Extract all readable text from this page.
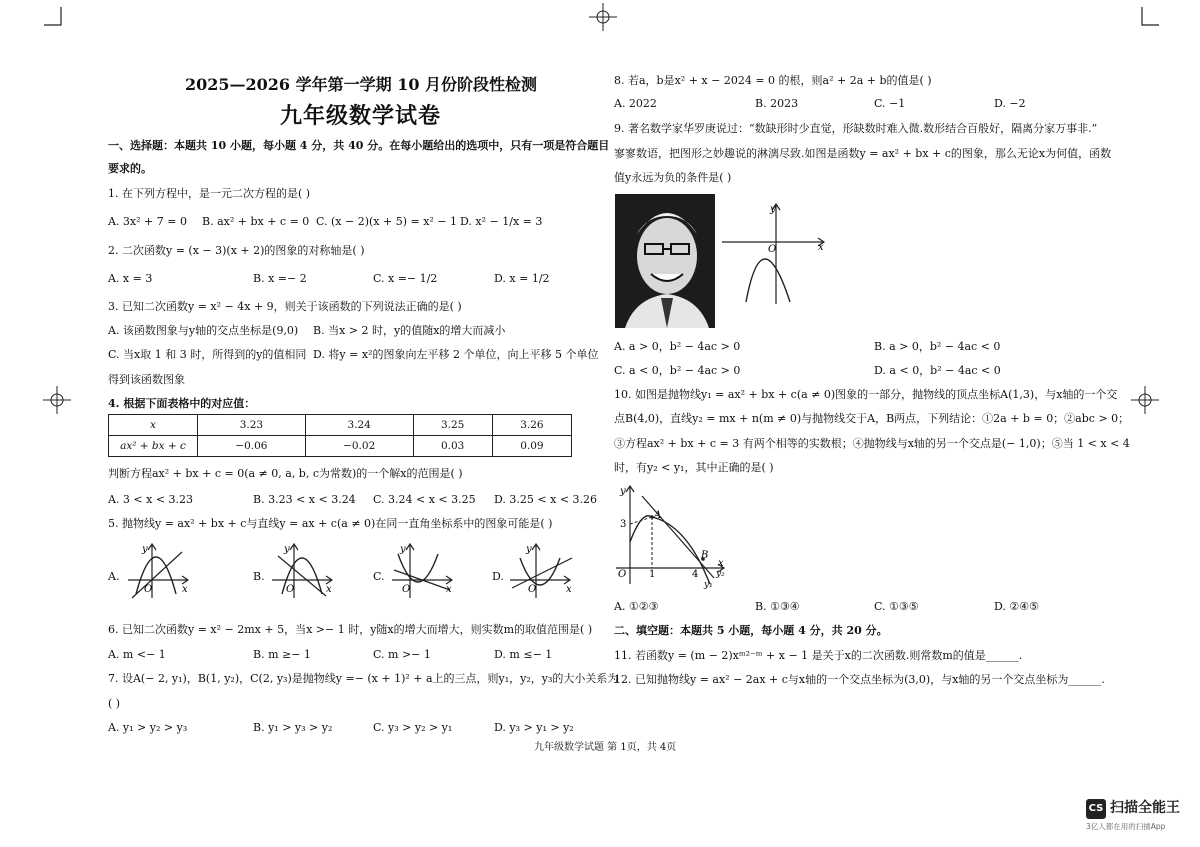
2025—2026 学年第一学期 10 月份阶段性检测
九年级数学试卷
一、选择题：本题共 10 小题，每小题 4 分，共 40 分。在每小题给出的选项中，只有一项是符合题目
要求的。
1. 在下列方程中，是一元二次方程的是( )
A. 3x² + 7 = 0 B. ax² + bx + c = 0 C. (x − 2)(x + 5) = x² − 1 D. x² − 1/x = 3
2. 二次函数y = (x − 3)(x + 2)的图象的对称轴是( )
A. x = 3	B. x =− 2	C. x =− 1/2	D. x = 1/2
3. 已知二次函数y = x² − 4x + 9，则关于该函数的下列说法正确的是( )
A. 该函数图象与y轴的交点坐标是(9,0) B. 当x > 2 时，y的值随x的增大而减小
C. 当x取 1 和 3 时，所得到的y的值相同 D. 将y = x²的图象向左平移 2 个单位，向上平移 5 个单位
得到该函数图象
4. 根据下面表格中的对应值：
x	3.23	3.24	3.25	3.26
ax² + bx + c	−0.06	−0.02	0.03	0.09
判断方程ax² + bx + c = 0(a ≠ 0, a, b, c为常数)的一个解x的范围是( )
A. 3 < x < 3.23	B. 3.23 < x < 3.24 C. 3.24 < x < 3.25 D. 3.25 < x < 3.26
5. 抛物线y = ax² + bx + c与直线y = ax + c(a ≠ 0)在同一直角坐标系中的图象可能是( )
A.	B.	C.	D.
y
O	x
y
O	x
y
O	x
y
O	x
6. 已知二次函数y = x² − 2mx + 5，当x >− 1 时，y随x的增大而增大，则实数m的取值范围是( )
A. m <− 1	B. m ≥− 1	C. m >− 1	D. m ≤− 1
7. 设A(− 2, y₁)，B(1, y₂)，C(2, y₃)是抛物线y =− (x + 1)² + a上的三点，则y₁，y₂，y₃的大小关系为
( )
A. y₁ > y₂ > y₃	B. y₁ > y₃ > y₂	C. y₃ > y₂ > y₁	D. y₃ > y₁ > y₂
8. 若a，b是x² + x − 2024 = 0 的根，则a² + 2a + b的值是( )
A. 2022	B. 2023	C. −1	D. −2
9. 著名数学家华罗庚说过：“数缺形时少直觉，形缺数时难入微.数形结合百般好，隔离分家万事非.”
寥寥数语，把图形之妙趣说的淋漓尽致.如图是函数y = ax² + bx + c的图象，那么无论x为何值，函数
值y永远为负的条件是( )
y
O	x
A. a > 0，b² − 4ac > 0	B. a > 0，b² − 4ac < 0
C. a < 0，b² − 4ac > 0	D. a < 0，b² − 4ac < 0
10. 如图是抛物线y₁ = ax² + bx + c(a ≠ 0)图象的一部分，抛物线的顶点坐标A(1,3)，与x轴的一个交
点B(4,0)，直线y₂ = mx + n(m ≠ 0)与抛物线交于A，B两点，下列结论：①2a + b = 0；②abc > 0；
③方程ax² + bx + c = 3 有两个相等的实数根；④抛物线与x轴的另一个交点是(− 1,0)；⑤当 1 < x < 4
时，有y₂ < y₁，其中正确的是( )
y
3
A
B
O 1	4 y₂
y₁
x
A. ①②③	B. ①③④	C. ①③⑤	D. ②④⑤
二、填空题：本题共 5 小题，每小题 4 分，共 20 分。
11. 若函数y = (m − 2)xᵐ²⁻ᵐ + x − 1 是关于x的二次函数.则常数m的值是______.
12. 已知抛物线y = ax² − 2ax + c与x轴的一个交点坐标为(3,0)，与x轴的另一个交点坐标为______.
九年级数学试题 第 1页，共 4页
CS 扫描全能王
3亿人都在用的扫描App
